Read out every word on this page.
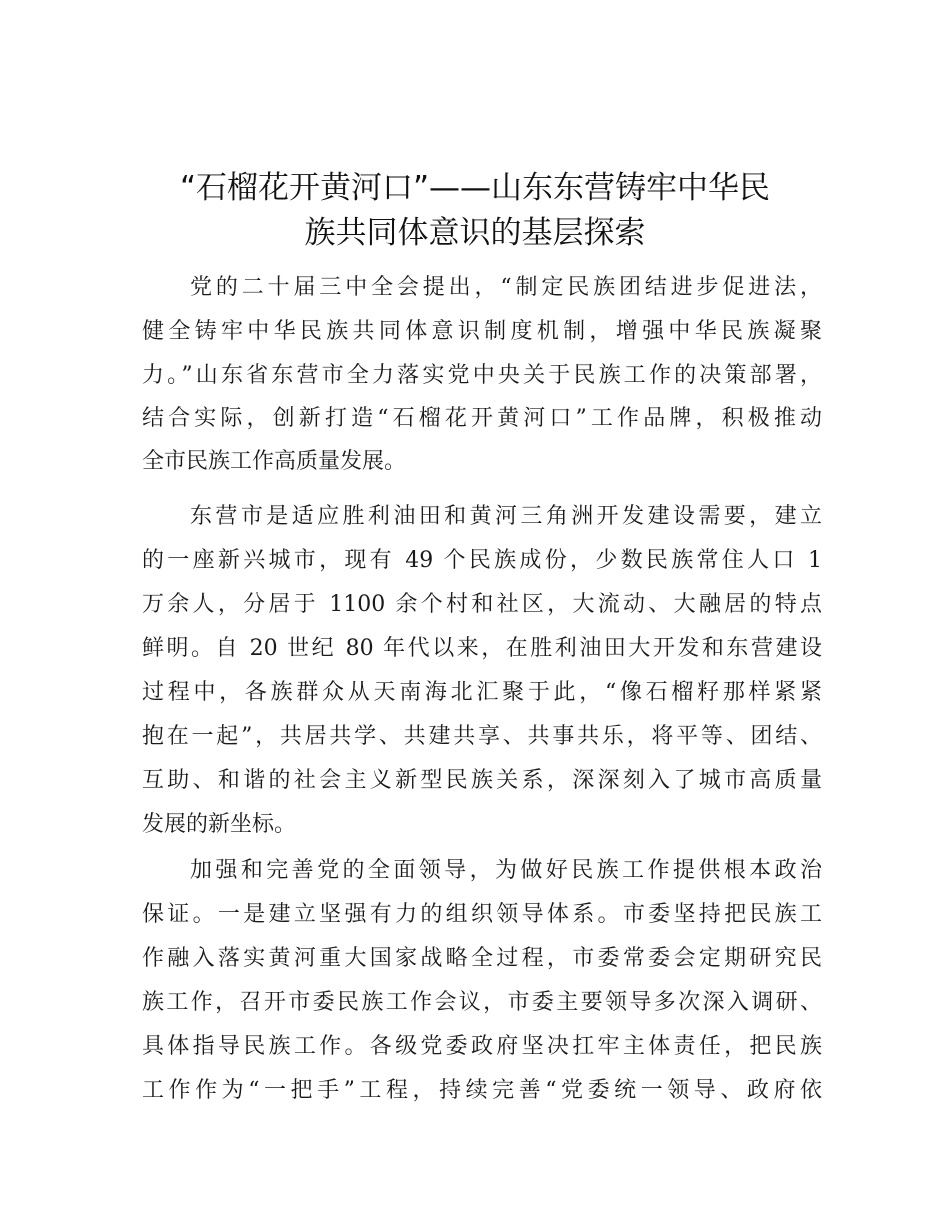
“石榴花开黄河口”——山东东营铸牢中华民
族共同体意识的基层探索
党的二十届三中全会提出，“制定民族团结进步促进法，
健全铸牢中华民族共同体意识制度机制，增强中华民族凝聚
力。”山东省东营市全力落实党中央关于民族工作的决策部署，
结合实际，创新打造“石榴花开黄河口”工作品牌，积极推动
全市民族工作高质量发展。
东营市是适应胜利油田和黄河三角洲开发建设需要，建立
的一座新兴城市，现有 49 个民族成份，少数民族常住人口 1
万余人，分居于 1100 余个村和社区，大流动、大融居的特点
鲜明。自 20 世纪 80 年代以来，在胜利油田大开发和东营建设
过程中，各族群众从天南海北汇聚于此，“像石榴籽那样紧紧
抱在一起”，共居共学、共建共享、共事共乐，将平等、团结、
互助、和谐的社会主义新型民族关系，深深刻入了城市高质量
发展的新坐标。
加强和完善党的全面领导，为做好民族工作提供根本政治
保证。一是建立坚强有力的组织领导体系。市委坚持把民族工
作融入落实黄河重大国家战略全过程，市委常委会定期研究民
族工作，召开市委民族工作会议，市委主要领导多次深入调研、
具体指导民族工作。各级党委政府坚决扛牢主体责任，把民族
工作作为“一把手”工程，持续完善“党委统一领导、政府依
